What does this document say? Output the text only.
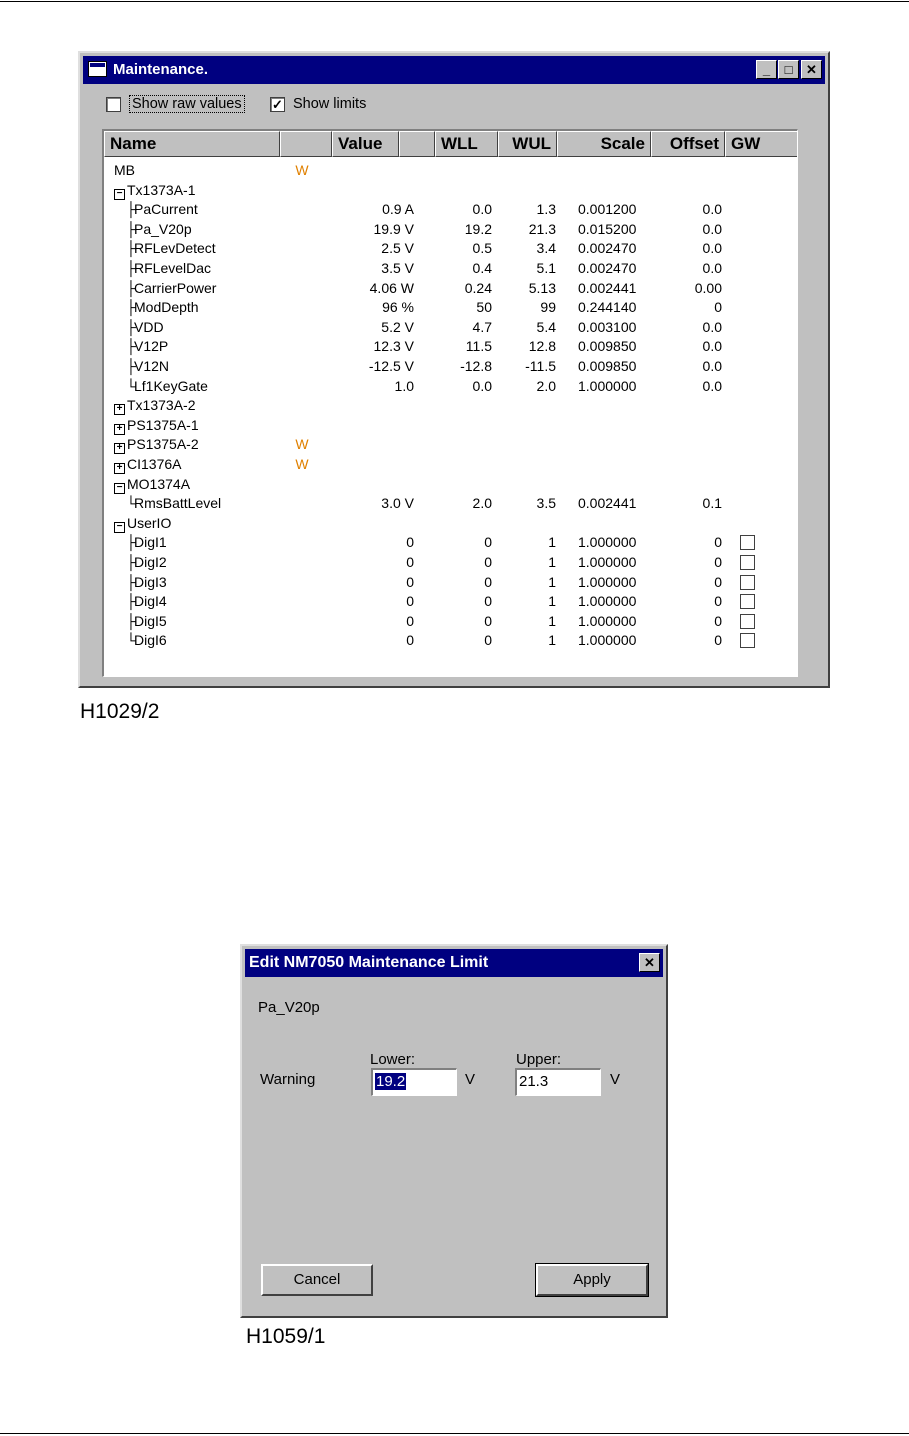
Maintenance.	_	□	✕
Show raw values ✓ Show limits
Name	Value	WLL	WUL	Scale	Offset GW
MB	W
− Tx1373A-1
├PaCurrent	0.9 A	0.0	1.3 0.001200	0.0
├Pa_V20p	19.9 V	19.2	21.3 0.015200	0.0
├RFLevDetect	2.5 V	0.5	3.4 0.002470	0.0
├RFLevelDac	3.5 V	0.4	5.1 0.002470	0.0
├CarrierPower	4.06 W	0.24	5.13 0.002441	0.00
├ModDepth	96 %	50	99 0.244140	0
├VDD	5.2 V	4.7	5.4 0.003100	0.0
├V12P	12.3 V	11.5	12.8 0.009850	0.0
├V12N	-12.5 V	-12.8	-11.5 0.009850	0.0
└Lf1KeyGate	1.0	0.0	2.0 1.000000	0.0
+ Tx1373A-2
+ PS1375A-1
+ PS1375A-2	W
+ CI1376A	W
− MO1374A
└RmsBattLevel	3.0 V	2.0	3.5 0.002441	0.1
− UserIO
├DigI1	0	0	1 1.000000	0
├DigI2	0	0	1 1.000000	0
├DigI3	0	0	1 1.000000	0
├DigI4	0	0	1 1.000000	0
├DigI5	0	0	1 1.000000	0
└DigI6	0	0	1 1.000000	0
H1029/2
Edit NM7050 Maintenance Limit	✕
Pa_V20p
Lower:	Upper:
Warning	19.2	V	21.3	V
Cancel	Apply
H1059/1
